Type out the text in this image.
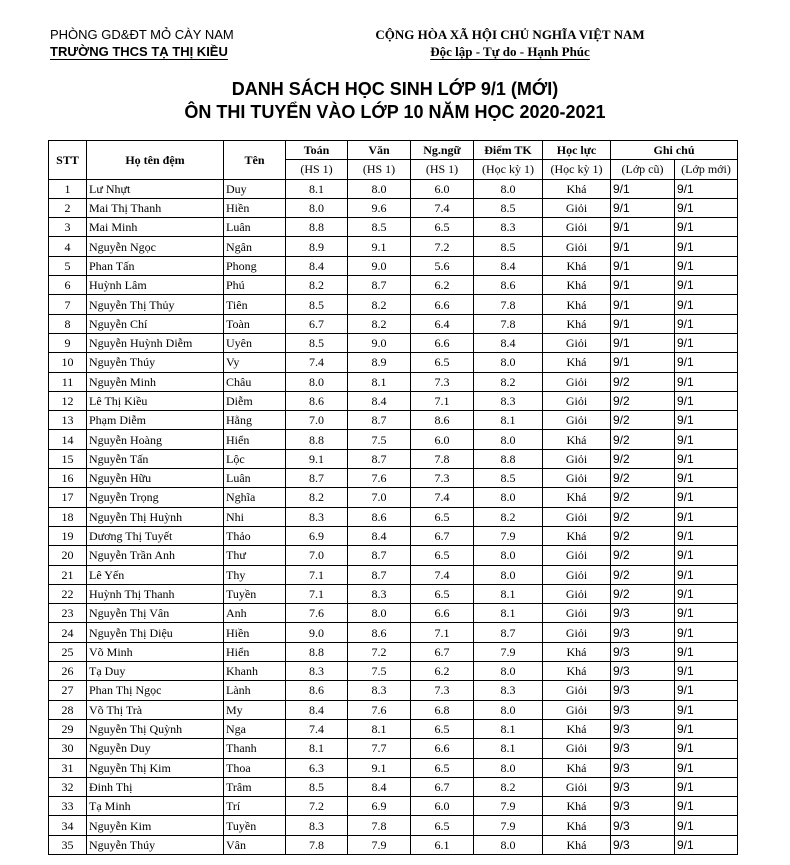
PHÒNG GD&ĐT MỎ CÀY NAM
TRƯỜNG THCS TẠ THỊ KIỀU
CỘNG HÒA XÃ HỘI CHỦ NGHĨA VIỆT NAM
Độc lập - Tự do - Hạnh Phúc
DANH SÁCH HỌC SINH LỚP 9/1 (MỚI)
ÔN THI TUYỂN VÀO LỚP 10 NĂM HỌC 2020-2021
STT	Họ tên đệm	Tên	Toán	Văn	Ng.ngữ	Điểm TK	Học lực	Ghi chú	
			(HS 1)	(HS 1)	(HS 1)	(Học kỳ 1)	(Học kỳ 1)	(Lớp cũ)	(Lớp mới)
1	Lư Nhựt	Duy	8.1	8.0	6.0	8.0	Khá	9/1	9/1
2	Mai Thị Thanh	Hiền	8.0	9.6	7.4	8.5	Giỏi	9/1	9/1
3	Mai Minh	Luân	8.8	8.5	6.5	8.3	Giỏi	9/1	9/1
4	Nguyễn Ngọc	Ngân	8.9	9.1	7.2	8.5	Giỏi	9/1	9/1
5	Phan Tấn	Phong	8.4	9.0	5.6	8.4	Khá	9/1	9/1
6	Huỳnh Lâm	Phú	8.2	8.7	6.2	8.6	Khá	9/1	9/1
7	Nguyễn Thị Thủy	Tiên	8.5	8.2	6.6	7.8	Khá	9/1	9/1
8	Nguyễn Chí	Toàn	6.7	8.2	6.4	7.8	Khá	9/1	9/1
9	Nguyễn Huỳnh Diễm	Uyên	8.5	9.0	6.6	8.4	Giỏi	9/1	9/1
10	Nguyễn Thúy	Vy	7.4	8.9	6.5	8.0	Khá	9/1	9/1
11	Nguyễn Minh	Châu	8.0	8.1	7.3	8.2	Giỏi	9/2	9/1
12	Lê Thị Kiều	Diễm	8.6	8.4	7.1	8.3	Giỏi	9/2	9/1
13	Phạm Diễm	Hằng	7.0	8.7	8.6	8.1	Giỏi	9/2	9/1
14	Nguyễn Hoàng	Hiển	8.8	7.5	6.0	8.0	Khá	9/2	9/1
15	Nguyễn Tấn	Lộc	9.1	8.7	7.8	8.8	Giỏi	9/2	9/1
16	Nguyễn Hữu	Luân	8.7	7.6	7.3	8.5	Giỏi	9/2	9/1
17	Nguyễn Trọng	Nghĩa	8.2	7.0	7.4	8.0	Khá	9/2	9/1
18	Nguyễn Thị Huỳnh	Nhi	8.3	8.6	6.5	8.2	Giỏi	9/2	9/1
19	Dương Thị Tuyết	Thảo	6.9	8.4	6.7	7.9	Khá	9/2	9/1
20	Nguyễn Trần Anh	Thư	7.0	8.7	6.5	8.0	Giỏi	9/2	9/1
21	Lê Yến	Thy	7.1	8.7	7.4	8.0	Giỏi	9/2	9/1
22	Huỳnh Thị Thanh	Tuyền	7.1	8.3	6.5	8.1	Giỏi	9/2	9/1
23	Nguyễn Thị Vân	Anh	7.6	8.0	6.6	8.1	Giỏi	9/3	9/1
24	Nguyễn Thị Diệu	Hiền	9.0	8.6	7.1	8.7	Giỏi	9/3	9/1
25	Võ Minh	Hiển	8.8	7.2	6.7	7.9	Khá	9/3	9/1
26	Tạ Duy	Khanh	8.3	7.5	6.2	8.0	Khá	9/3	9/1
27	Phan Thị Ngọc	Lành	8.6	8.3	7.3	8.3	Giỏi	9/3	9/1
28	Võ Thị Trà	My	8.4	7.6	6.8	8.0	Giỏi	9/3	9/1
29	Nguyễn Thị Quỳnh	Nga	7.4	8.1	6.5	8.1	Khá	9/3	9/1
30	Nguyễn Duy	Thanh	8.1	7.7	6.6	8.1	Giỏi	9/3	9/1
31	Nguyễn Thị Kim	Thoa	6.3	9.1	6.5	8.0	Khá	9/3	9/1
32	Đinh Thị	Trâm	8.5	8.4	6.7	8.2	Giỏi	9/3	9/1
33	Tạ Minh	Trí	7.2	6.9	6.0	7.9	Khá	9/3	9/1
34	Nguyễn Kim	Tuyền	8.3	7.8	6.5	7.9	Khá	9/3	9/1
35	Nguyễn Thúy	Vân	7.8	7.9	6.1	8.0	Khá	9/3	9/1
